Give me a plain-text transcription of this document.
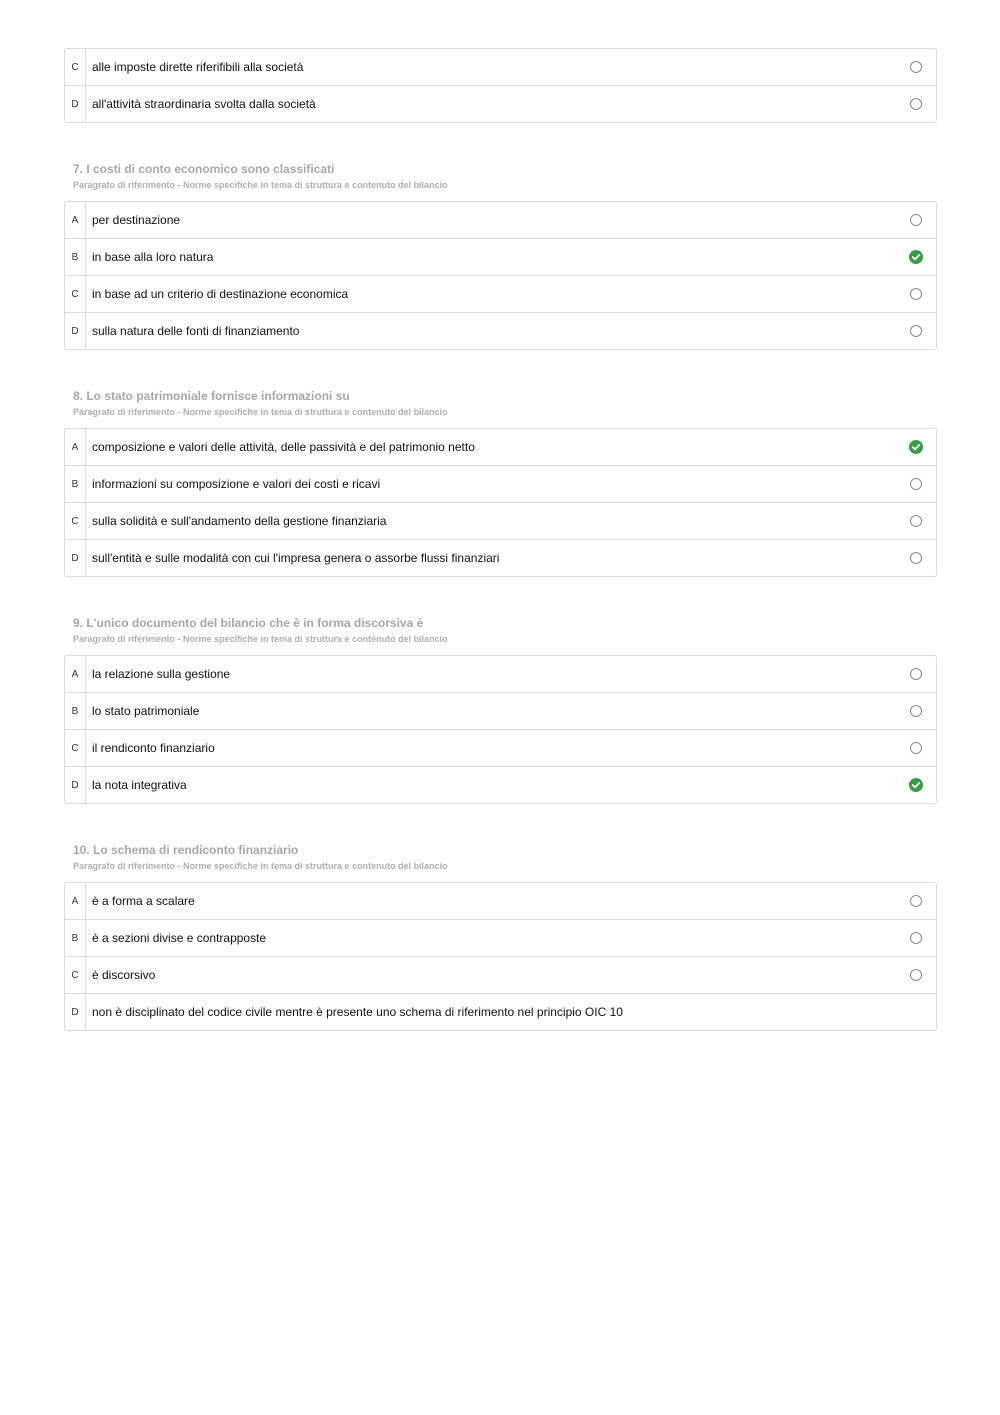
C	alle imposte dirette riferifibili alla società
D	all'attività straordinaria svolta dalla società

7. I costi di conto economico sono classificati

Paragrafo di riferimento - Norme specifiche in tema di struttura e contenuto del bilancio

A	per destinazione
B	in base alla loro natura
C	in base ad un criterio di destinazione economica
D	sulla natura delle fonti di finanziamento

8. Lo stato patrimoniale fornisce informazioni su

Paragrafo di riferimento - Norme specifiche in tema di struttura e contenuto del bilancio

A	composizione e valori delle attività, delle passività e del patrimonio netto
B	informazioni su composizione e valori dei costi e ricavi
C	sulla solidità e sull'andamento della gestione finanziaria
D	sull'entità e sulle modalità con cui l'impresa genera o assorbe flussi finanziari

9. L'unico documento del bilancio che è in forma discorsiva è

Paragrafo di riferimento - Norme specifiche in tema di struttura e contenuto del bilancio

A	la relazione sulla gestione
B	lo stato patrimoniale
C	il rendiconto finanziario
D	la nota integrativa

10. Lo schema di rendiconto finanziario

Paragrafo di riferimento - Norme specifiche in tema di struttura e contenuto del bilancio

A	è a forma a scalare
B	è a sezioni divise e contrapposte
C	è discorsivo
D	non è disciplinato del codice civile mentre è presente uno schema di riferimento nel principio OIC 10
